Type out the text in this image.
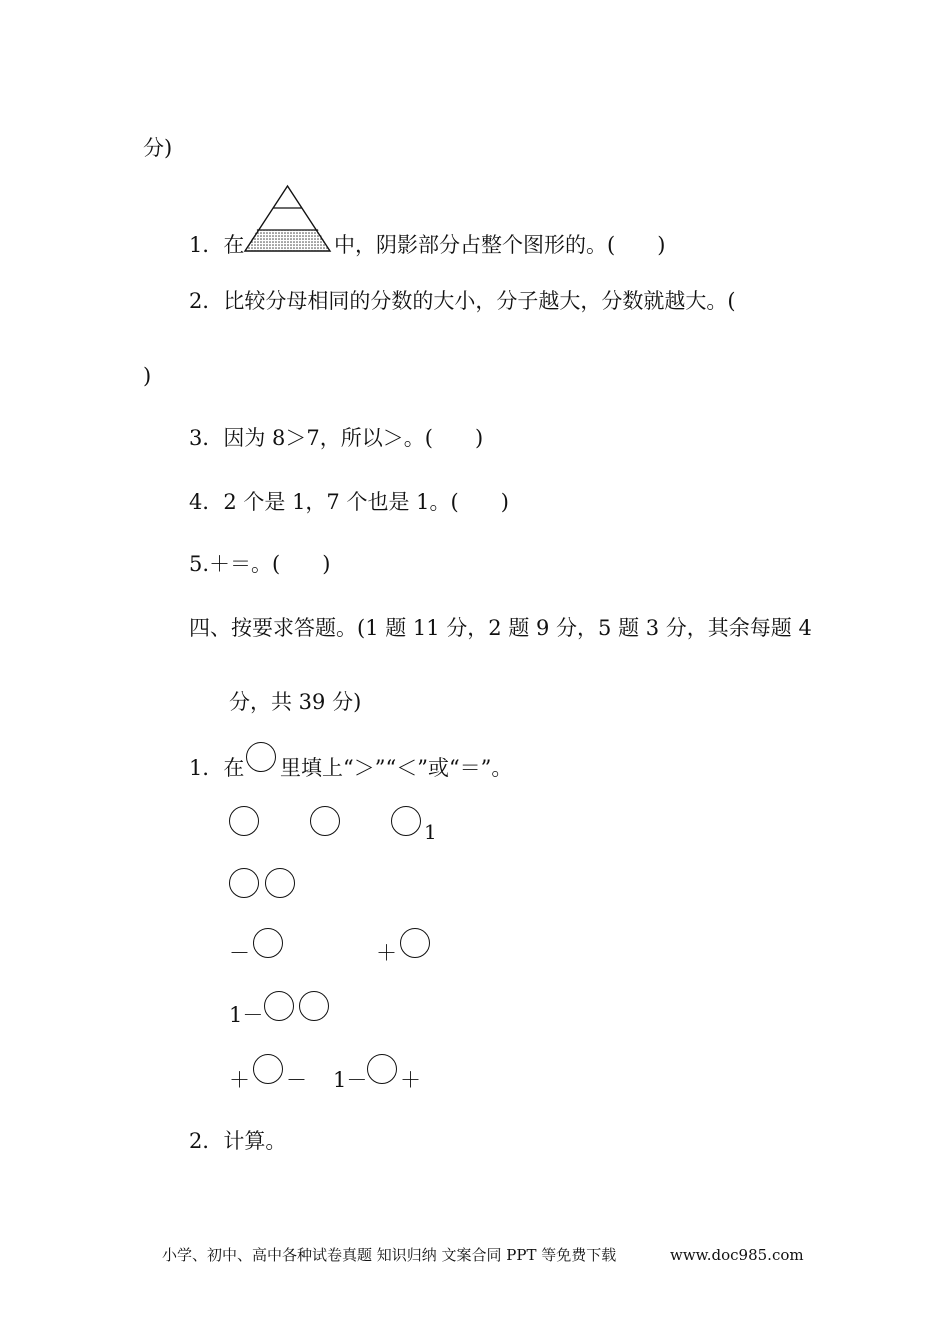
分)
1．在	中，阴影部分占整个图形的。(　　)
2．比较分母相同的分数的大小，分子越大，分数就越大。(
)
3．因为 8＞7，所以＞。(　　)
4．2 个是 1，7 个也是 1。(　　)
5.＋＝。(　　)
四、按要求答题。(1 题 11 分，2 题 9 分，5 题 3 分，其余每题 4
分，共 39 分)
1．在 里填上“＞”“＜”或“＝”。
1
－	＋
1－
＋ － 1－ ＋
2．计算。
小学、初中、高中各种试卷真题 知识归纳 文案合同 PPT 等免费下载	www.doc985.com
